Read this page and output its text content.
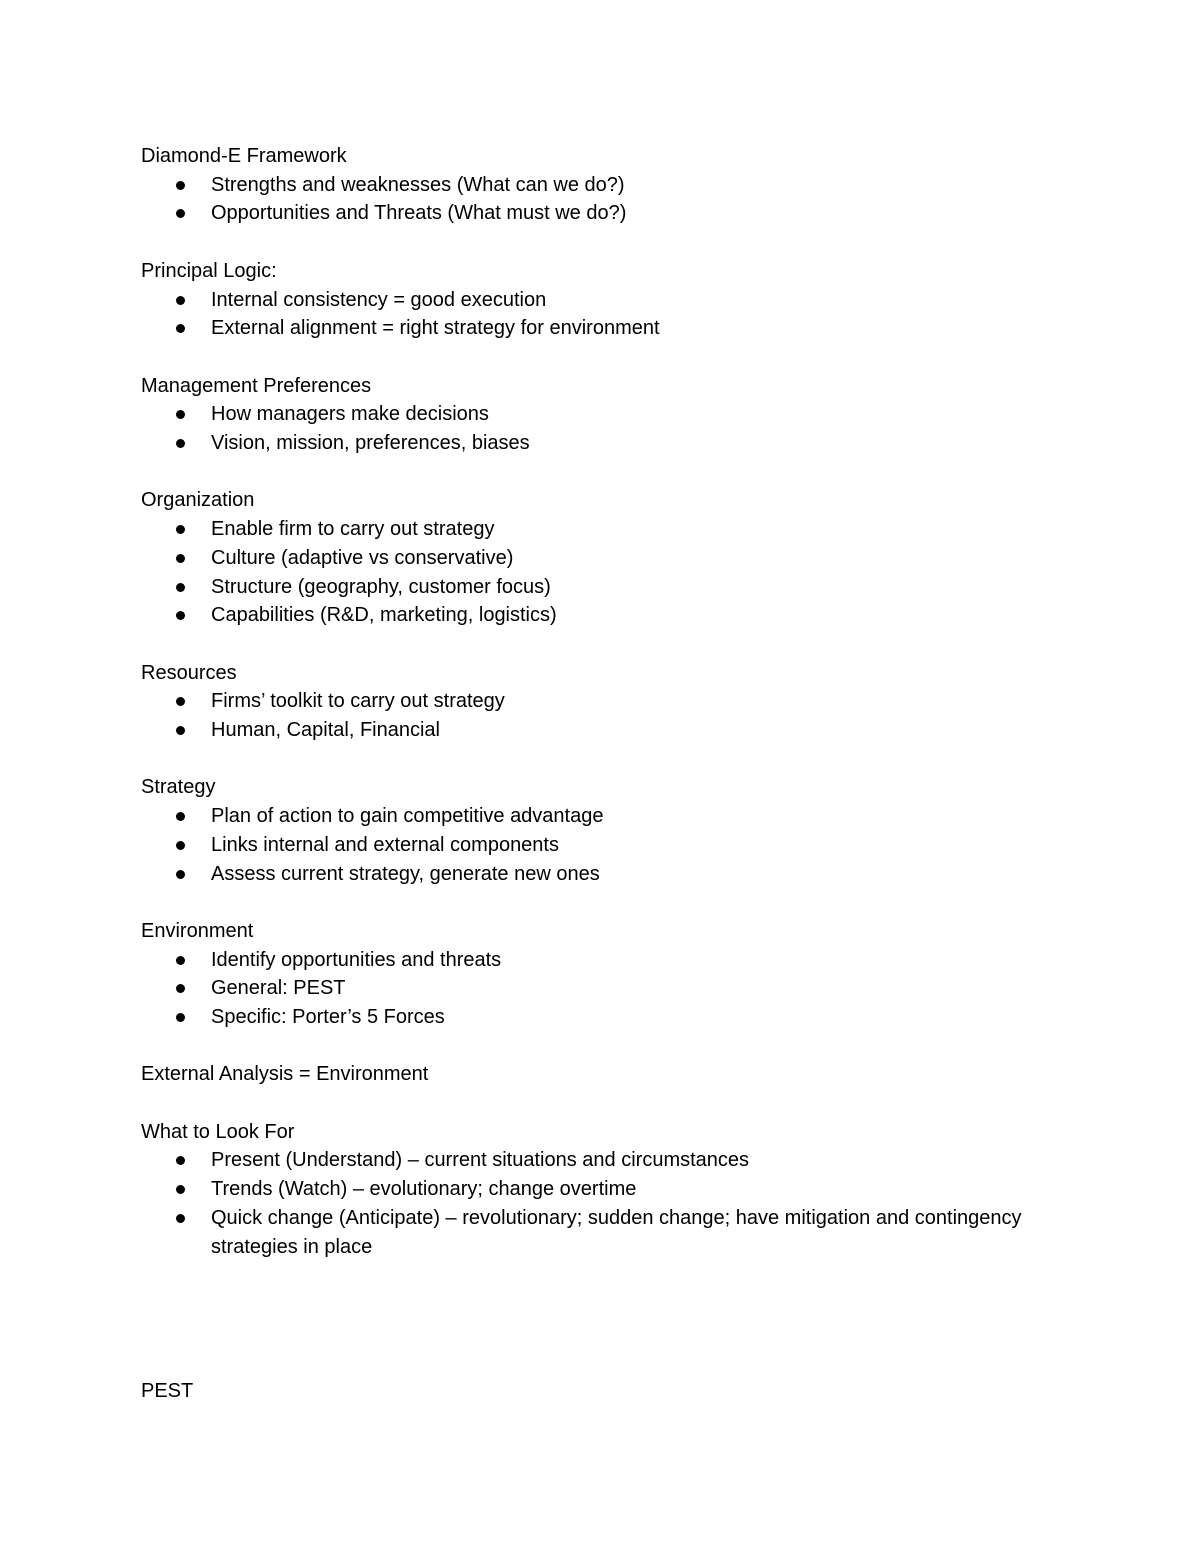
Diamond-E Framework
Strengths and weaknesses (What can we do?)
Opportunities and Threats (What must we do?)
Principal Logic:
Internal consistency = good execution
External alignment = right strategy for environment
Management Preferences
How managers make decisions
Vision, mission, preferences, biases
Organization
Enable firm to carry out strategy
Culture (adaptive vs conservative)
Structure (geography, customer focus)
Capabilities (R&D, marketing, logistics)
Resources
Firms’ toolkit to carry out strategy
Human, Capital, Financial
Strategy
Plan of action to gain competitive advantage
Links internal and external components
Assess current strategy, generate new ones
Environment
Identify opportunities and threats
General: PEST
Specific: Porter’s 5 Forces
External Analysis = Environment
What to Look For
Present (Understand) – current situations and circumstances
Trends (Watch) – evolutionary; change overtime
Quick change (Anticipate) – revolutionary; sudden change; have mitigation and contingency strategies in place
PEST
